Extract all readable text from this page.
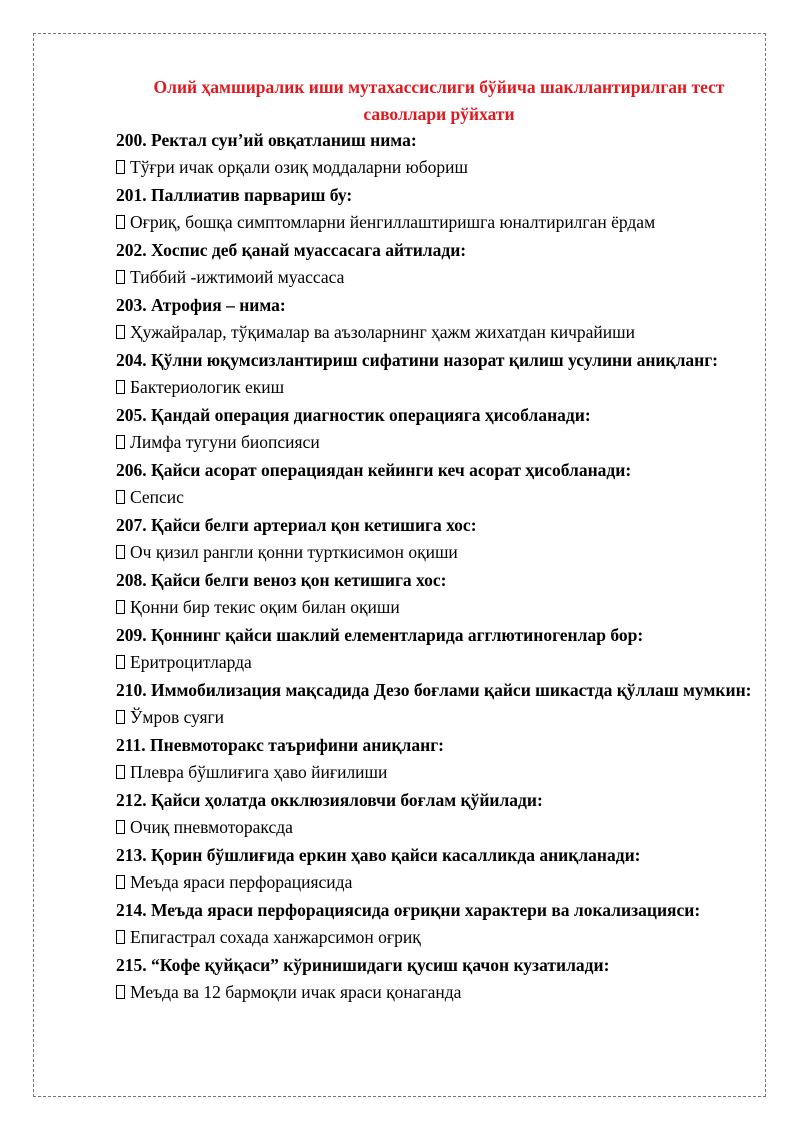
Олий ҳамширалик иши мутахассислиги бўйича шакллантирилган тест саволлари рўйхати

200. Ректал сун’ий овқатланиш нима:

Тўғри ичак орқали озиқ моддаларни юбориш

201. Паллиатив парвариш бу:

Оғриқ, бошқа симптомларни йенгиллаштиришга юналтирилган ёрдам

202. Хоспис деб қанай муассасага айтилади:

Тиббий -ижтимоий муассаса

203. Атрофия – нима:

Ҳужайралар, тўқималар ва аъзоларнинг ҳажм жихатдан кичрайиши

204. Қўлни юқумсизлантириш сифатини назорат қилиш усулини аниқланг:

Бактериологик екиш

205. Қандай операция диагностик операцияга ҳисобланади:

Лимфа тугуни биопсияси

206. Қайси асорат операциядан кейинги кеч асорат ҳисобланади:

Сепсис

207. Қайси белги артериал қон кетишига хос:

Оч қизил рангли қонни турткисимон оқиши

208. Қайси белги веноз қон кетишига хос:

Қонни бир текис оқим билан оқиши

209. Қоннинг қайси шаклий елементларида агглютиногенлар бор:

Еритроцитларда

210. Иммобилизация мақсадида Дезо боғлами қайси шикастда қўллаш мумкин:

Ўмров суяги

211. Пневмоторакс таърифини аниқланг:

Плевра бўшлиғига ҳаво йиғилиши

212. Қайси ҳолатда окклюзияловчи боғлам қўйилади:

Очиқ пневмотораксда

213. Қорин бўшлиғида еркин ҳаво қайси касалликда аниқланади:

Меъда яраси перфорациясида

214. Меъда яраси перфорациясида оғриқни характери ва локализацияси:

Епигастрал сохада ханжарсимон оғриқ

215. “Кофе қуйқаси” кўринишидаги қусиш қачон кузатилади:

Меъда ва 12 бармоқли ичак яраси қонаганда
